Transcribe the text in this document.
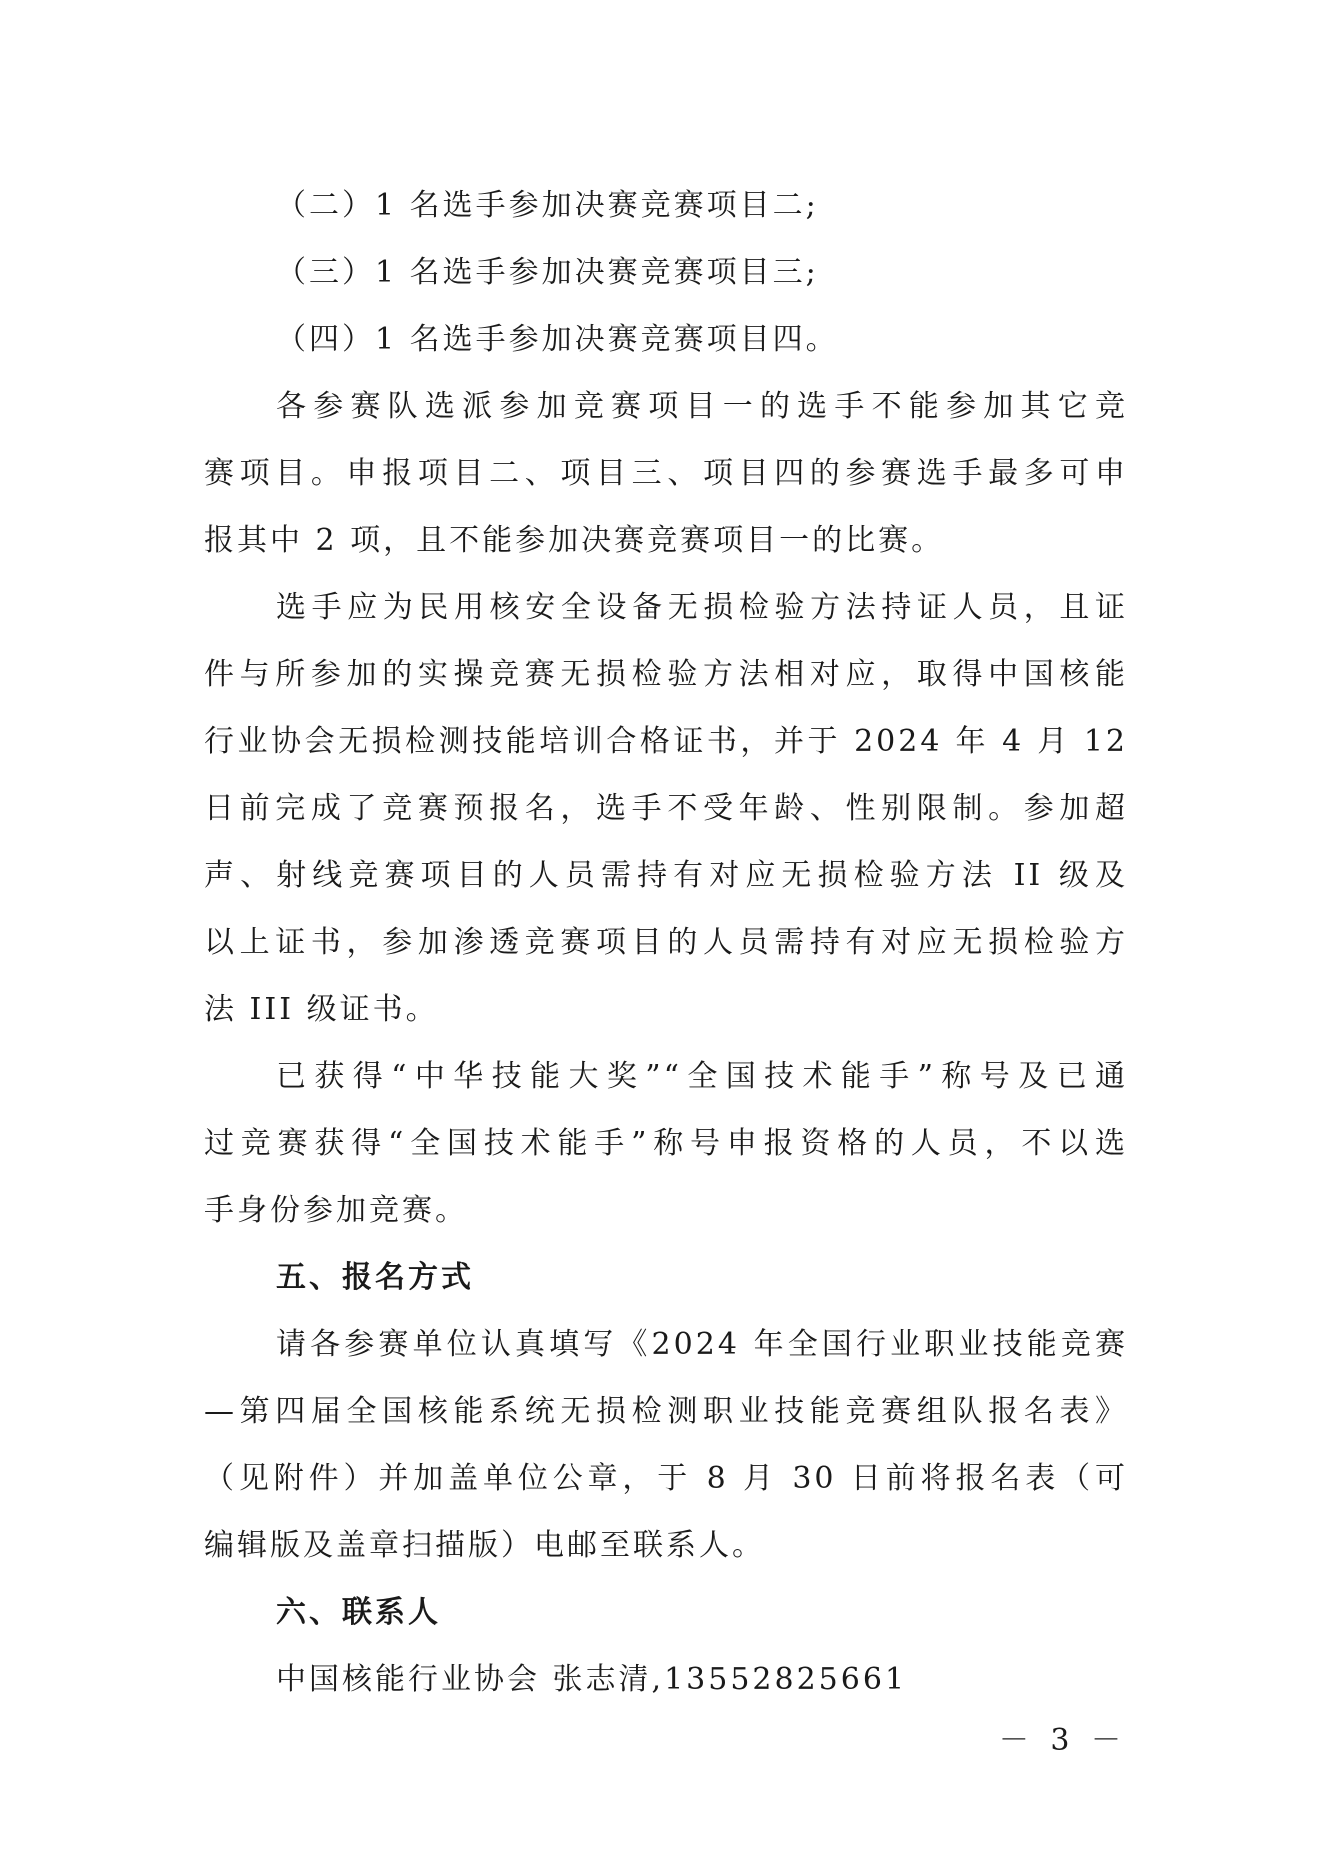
（二）1 名选手参加决赛竞赛项目二;
（三）1 名选手参加决赛竞赛项目三;
（四）1 名选手参加决赛竞赛项目四。
各参赛队选派参加竞赛项目一的选手不能参加其它竞
赛项目。申报项目二、项目三、项目四的参赛选手最多可申
报其中 2 项，且不能参加决赛竞赛项目一的比赛。
选手应为民用核安全设备无损检验方法持证人员，且证
件与所参加的实操竞赛无损检验方法相对应，取得中国核能
行业协会无损检测技能培训合格证书，并于 2024 年 4 月 12
日前完成了竞赛预报名，选手不受年龄、性别限制。参加超
声、射线竞赛项目的人员需持有对应无损检验方法 II 级及
以上证书，参加渗透竞赛项目的人员需持有对应无损检验方
法 III 级证书。
已获得“中华技能大奖”“全国技术能手”称号及已通
过竞赛获得“全国技术能手”称号申报资格的人员，不以选
手身份参加竞赛。
五、报名方式
请各参赛单位认真填写《2024 年全国行业职业技能竞赛
—第四届全国核能系统无损检测职业技能竞赛组队报名表》
（见附件）并加盖单位公章，于 8 月 30 日前将报名表（可
编辑版及盖章扫描版）电邮至联系人。
六、联系人
中国核能行业协会 张志清,13552825661
－ 3 －
